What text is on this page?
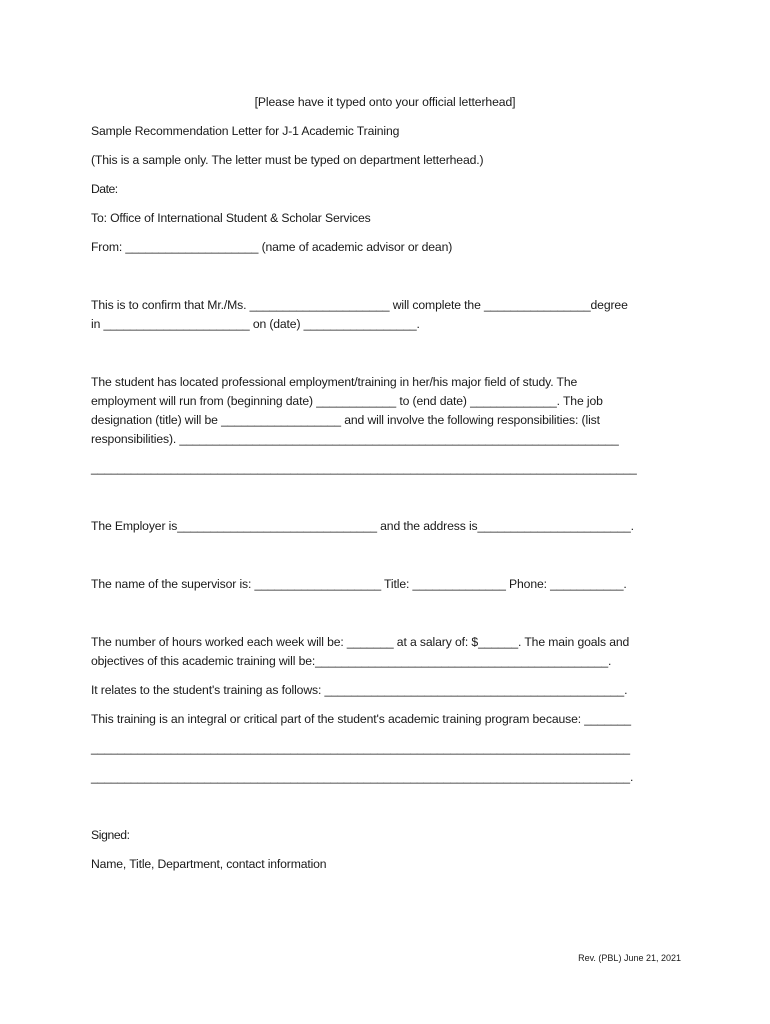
[Please have it typed onto your official letterhead]
Sample Recommendation Letter for J-1 Academic Training
(This is a sample only. The letter must be typed on department letterhead.)
Date:
To: Office of International Student & Scholar Services
From: ____________________ (name of academic advisor or dean)
This is to confirm that Mr./Ms. _____________________ will complete the ________________degree
in ______________________ on (date) _________________.
The student has located professional employment/training in her/his major field of study. The
employment will run from (beginning date) ____________ to (end date) _____________. The job
designation (title) will be __________________ and will involve the following responsibilities: (list
responsibilities). __________________________________________________________________
__________________________________________________________________________________
The Employer is______________________________ and the address is_______________________.
The name of the supervisor is: ___________________ Title: ______________ Phone: ___________.
The number of hours worked each week will be: _______ at a salary of: $______. The main goals and
objectives of this academic training will be:____________________________________________.
It relates to the student's training as follows: _____________________________________________.
This training is an integral or critical part of the student's academic training program because: _______
_________________________________________________________________________________
_________________________________________________________________________________.
Signed:
Name, Title, Department, contact information
Rev. (PBL) June 21, 2021
